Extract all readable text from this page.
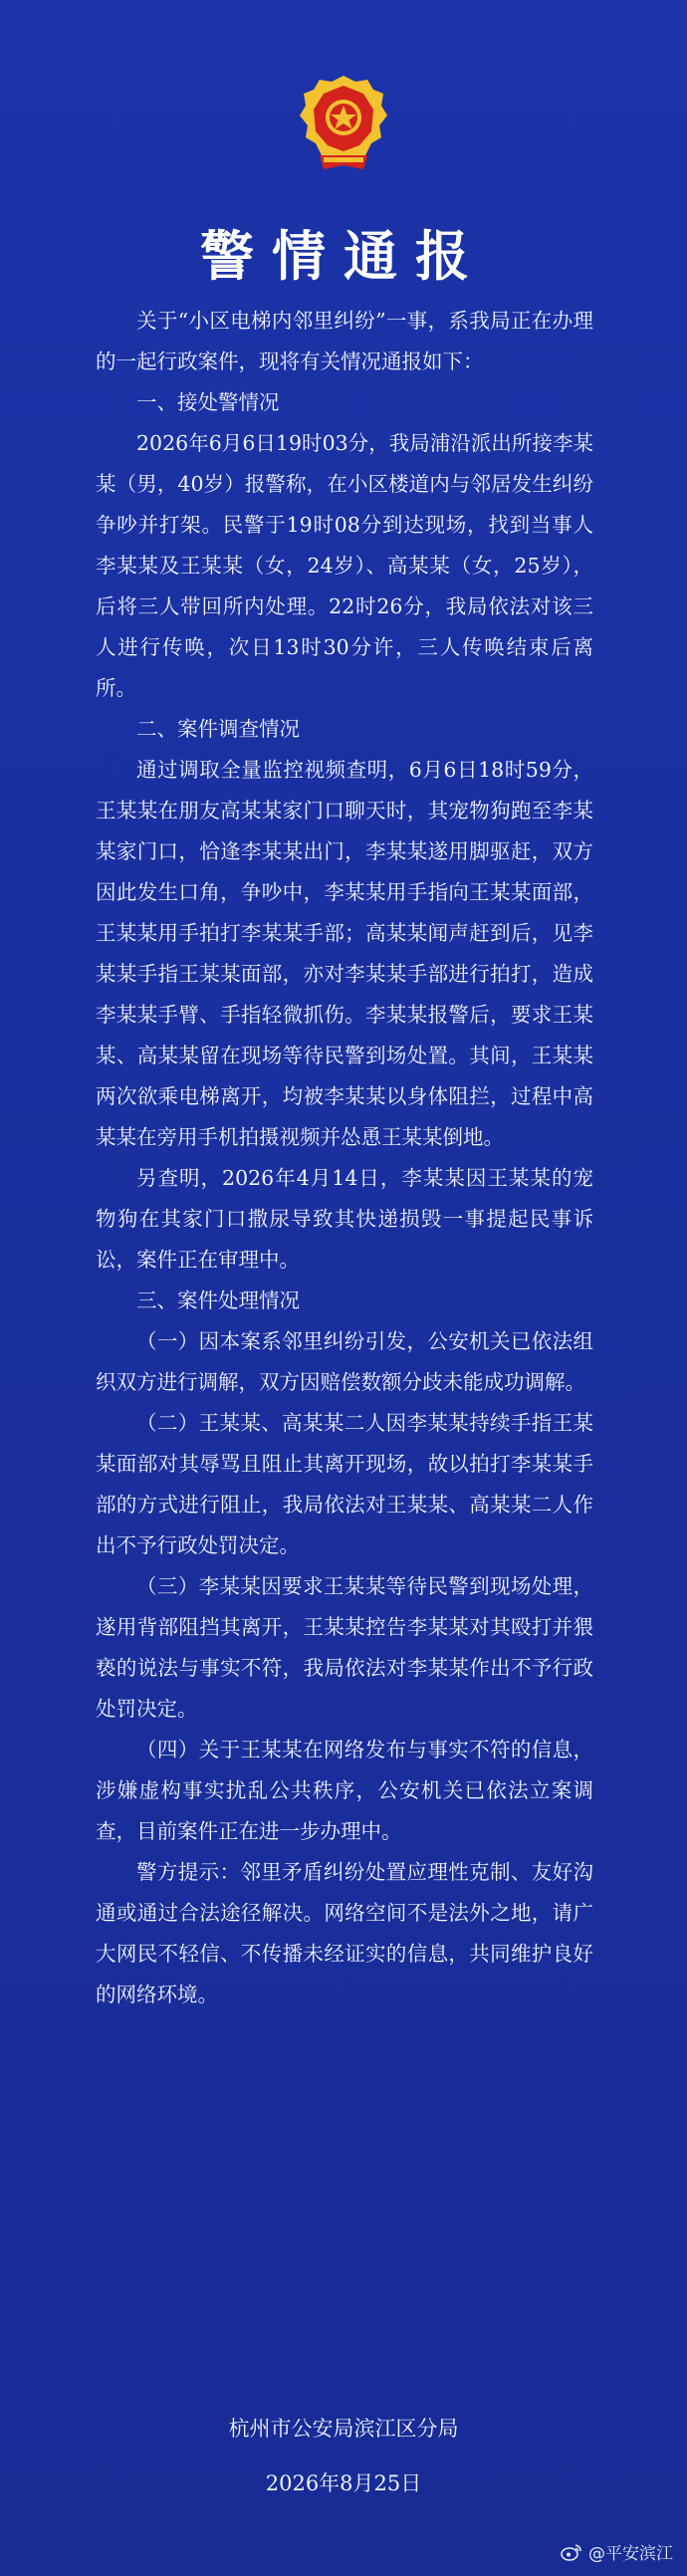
警情通报

关于“小区电梯内邻里纠纷”一事，系我局正在办理的一起行政案件，现将有关情况通报如下：

一、接处警情况

2026年6月6日19时03分，我局浦沿派出所接李某某（男，40岁）报警称，在小区楼道内与邻居发生纠纷争吵并打架。民警于19时08分到达现场，找到当事人李某某及王某某（女，24岁）、高某某（女，25岁），后将三人带回所内处理。22时26分，我局依法对该三人进行传唤，次日13时30分许，三人传唤结束后离所。

二、案件调查情况

通过调取全量监控视频查明，6月6日18时59分，王某某在朋友高某某家门口聊天时，其宠物狗跑至李某某家门口，恰逢李某某出门，李某某遂用脚驱赶，双方因此发生口角，争吵中，李某某用手指向王某某面部，王某某用手拍打李某某手部；高某某闻声赶到后，见李某某手指王某某面部，亦对李某某手部进行拍打，造成李某某手臂、手指轻微抓伤。李某某报警后，要求王某某、高某某留在现场等待民警到场处置。其间，王某某两次欲乘电梯离开，均被李某某以身体阻拦，过程中高某某在旁用手机拍摄视频并怂恿王某某倒地。

另查明，2026年4月14日，李某某因王某某的宠物狗在其家门口撒尿导致其快递损毁一事提起民事诉讼，案件正在审理中。

三、案件处理情况

（一）因本案系邻里纠纷引发，公安机关已依法组织双方进行调解，双方因赔偿数额分歧未能成功调解。

（二）王某某、高某某二人因李某某持续手指王某某面部对其辱骂且阻止其离开现场，故以拍打李某某手部的方式进行阻止，我局依法对王某某、高某某二人作出不予行政处罚决定。

（三）李某某因要求王某某等待民警到现场处理，遂用背部阻挡其离开，王某某控告李某某对其殴打并猥亵的说法与事实不符，我局依法对李某某作出不予行政处罚决定。

（四）关于王某某在网络发布与事实不符的信息，涉嫌虚构事实扰乱公共秩序，公安机关已依法立案调查，目前案件正在进一步办理中。

警方提示：邻里矛盾纠纷处置应理性克制、友好沟通或通过合法途径解决。网络空间不是法外之地，请广大网民不轻信、不传播未经证实的信息，共同维护良好的网络环境。

杭州市公安局滨江区分局
2026年8月25日
@平安滨江
